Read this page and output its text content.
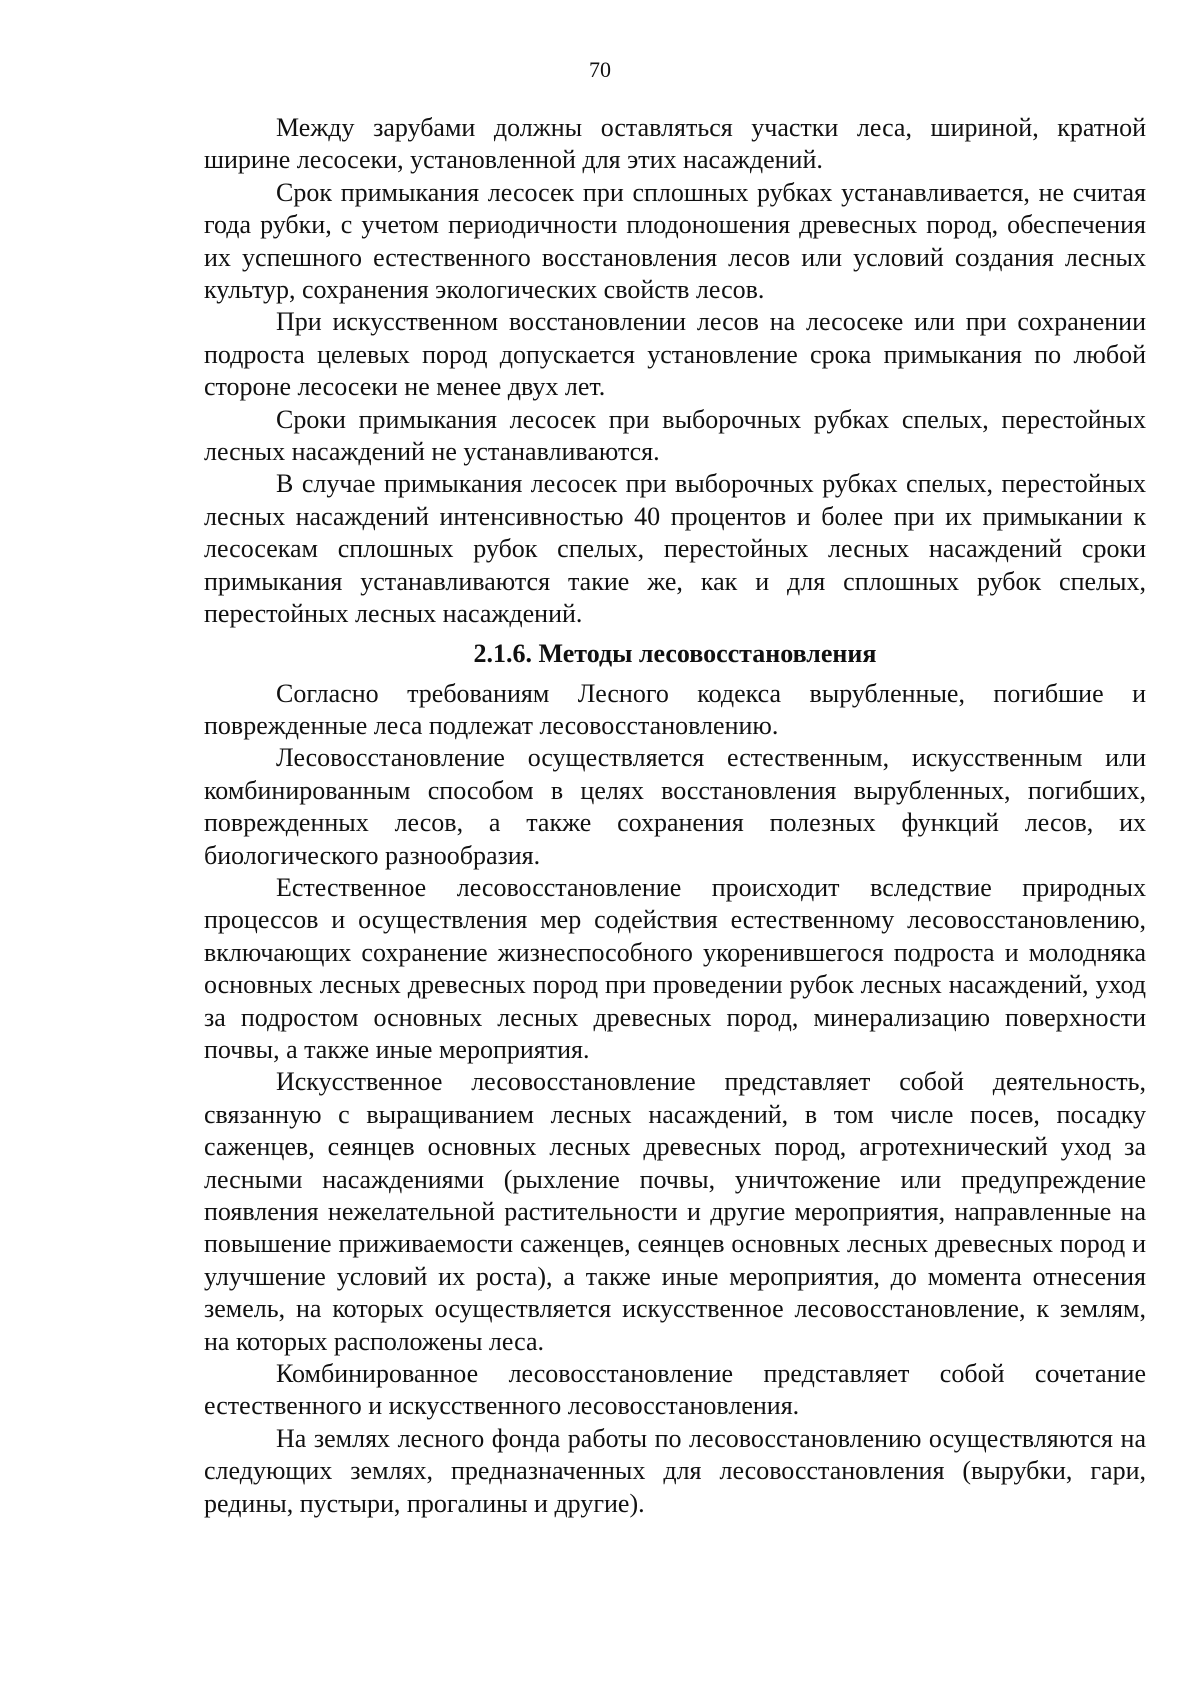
70

Между зарубами должны оставляться участки леса, шириной, кратной ширине лесосеки, установленной для этих насаждений.

Срок примыкания лесосек при сплошных рубках устанавливается, не считая года рубки, с учетом периодичности плодоношения древесных пород, обеспечения их успешного естественного восстановления лесов или условий создания лесных культур, сохранения экологических свойств лесов.

При искусственном восстановлении лесов на лесосеке или при сохранении подроста целевых пород допускается установление срока примыкания по любой стороне лесосеки не менее двух лет.

Сроки примыкания лесосек при выборочных рубках спелых, перестойных лесных насаждений не устанавливаются.

В случае примыкания лесосек при выборочных рубках спелых, перестойных лесных насаждений интенсивностью 40 процентов и более при их примыкании к лесосекам сплошных рубок спелых, перестойных лесных насаждений сроки примыкания устанавливаются такие же, как и для сплошных рубок спелых, перестойных лесных насаждений.

2.1.6. Методы лесовосстановления

Согласно требованиям Лесного кодекса вырубленные, погибшие и поврежденные леса подлежат лесовосстановлению.

Лесовосстановление осуществляется естественным, искусственным или комбинированным способом в целях восстановления вырубленных, погибших, поврежденных лесов, а также сохранения полезных функций лесов, их биологического разнообразия.

Естественное лесовосстановление происходит вследствие природных процессов и осуществления мер содействия естественному лесовосстановлению, включающих сохранение жизнеспособного укоренившегося подроста и молодняка основных лесных древесных пород при проведении рубок лесных насаждений, уход за подростом основных лесных древесных пород, минерализацию поверхности почвы, а также иные мероприятия.

Искусственное лесовосстановление представляет собой деятельность, связанную с выращиванием лесных насаждений, в том числе посев, посадку саженцев, сеянцев основных лесных древесных пород, агротехнический уход за лесными насаждениями (рыхление почвы, уничтожение или предупреждение появления нежелательной растительности и другие мероприятия, направленные на повышение приживаемости саженцев, сеянцев основных лесных древесных пород и улучшение условий их роста), а также иные мероприятия, до момента отнесения земель, на которых осуществляется искусственное лесовосстановление, к землям, на которых расположены леса.

Комбинированное лесовосстановление представляет собой сочетание естественного и искусственного лесовосстановления.

На землях лесного фонда работы по лесовосстановлению осуществляются на следующих землях, предназначенных для лесовосстановления (вырубки, гари, редины, пустыри, прогалины и другие).
